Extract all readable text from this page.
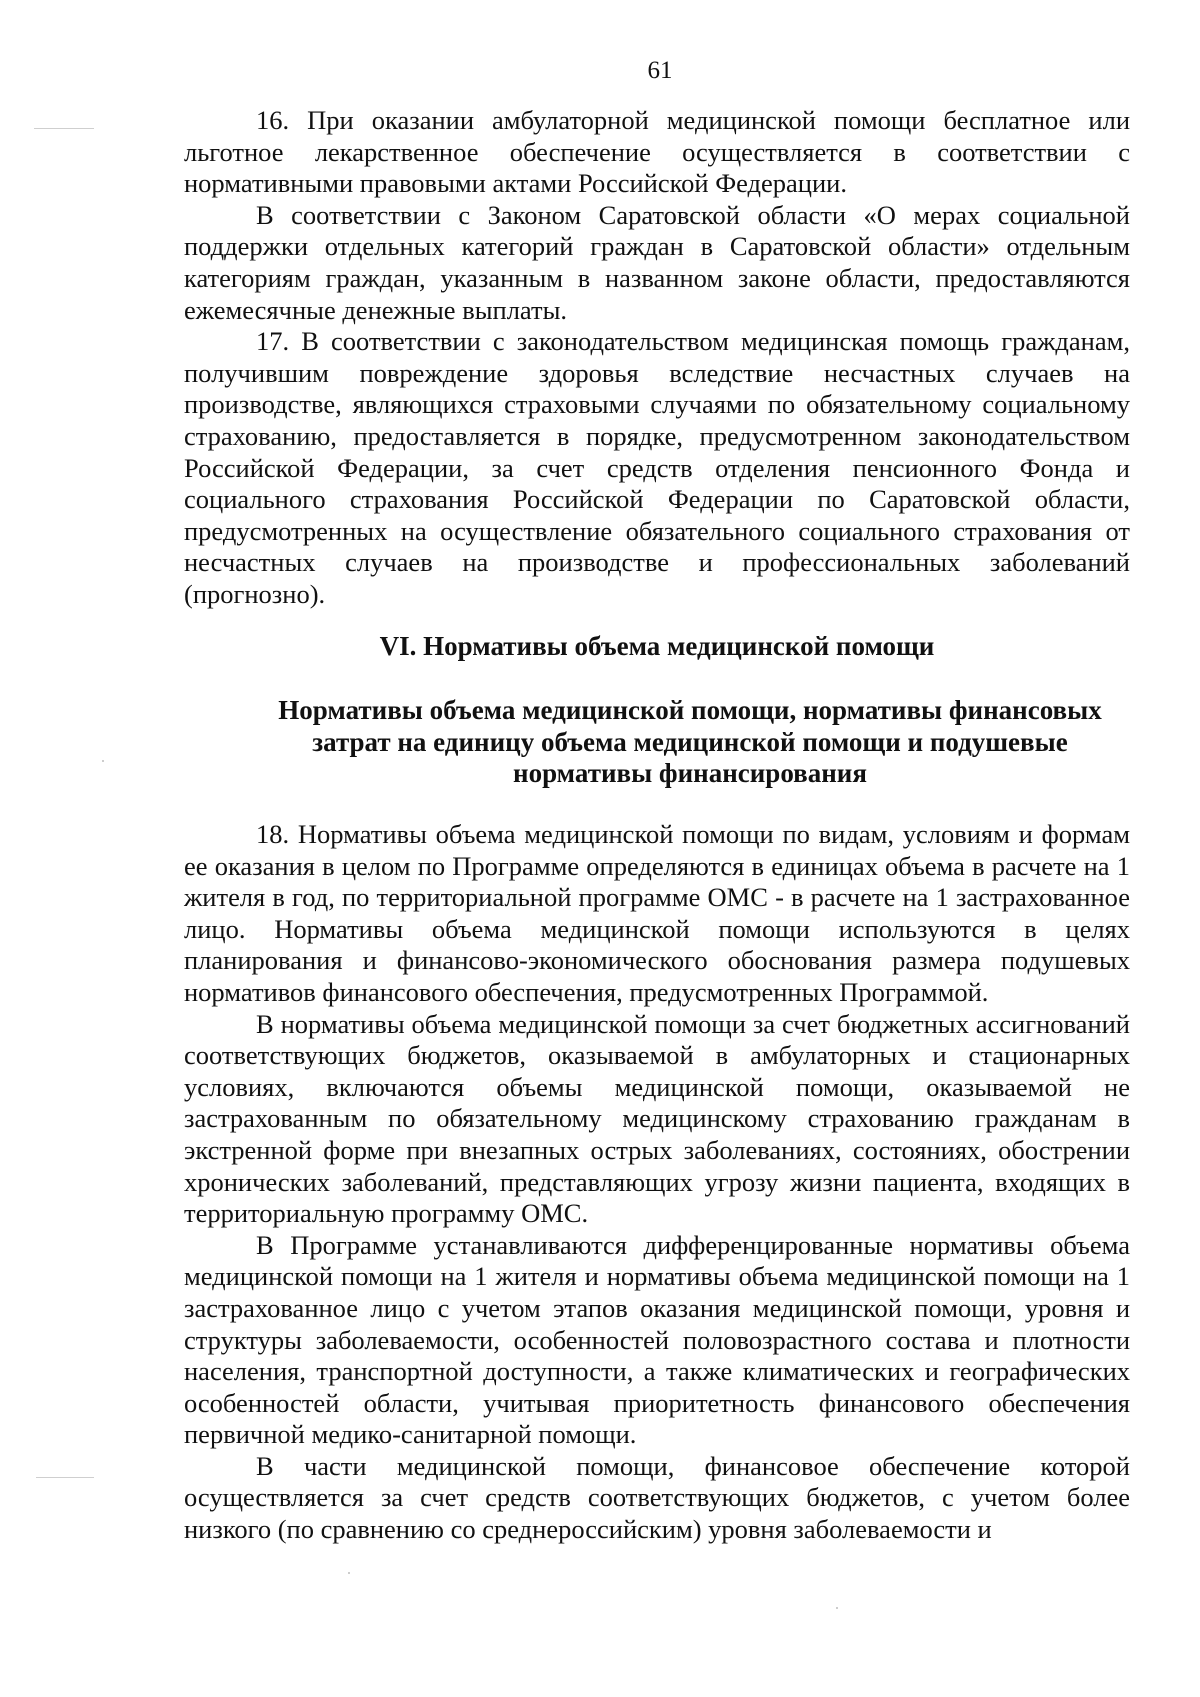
61

16. При оказании амбулаторной медицинской помощи бесплатное или льготное лекарственное обеспечение осуществляется в соответствии с нормативными правовыми актами Российской Федерации.

В соответствии с Законом Саратовской области «О мерах социальной поддержки отдельных категорий граждан в Саратовской области» отдельным категориям граждан, указанным в названном законе области, предоставляются ежемесячные денежные выплаты.

17. В соответствии с законодательством медицинская помощь гражданам, получившим повреждение здоровья вследствие несчастных случаев на производстве, являющихся страховыми случаями по обязательному социальному страхованию, предоставляется в порядке, предусмотренном законодательством Российской Федерации, за счет средств отделения пенсионного Фонда и социального страхования Российской Федерации по Саратовской области, предусмотренных на осуществление обязательного социального страхования от несчастных случаев на производстве и профессиональных заболеваний (прогнозно).

VI. Нормативы объема медицинской помощи
Нормативы объема медицинской помощи, нормативы финансовых затрат на единицу объема медицинской помощи и подушевые нормативы финансирования

18. Нормативы объема медицинской помощи по видам, условиям и формам ее оказания в целом по Программе определяются в единицах объема в расчете на 1 жителя в год, по территориальной программе ОМС - в расчете на 1 застрахованное лицо. Нормативы объема медицинской помощи используются в целях планирования и финансово-экономического обоснования размера подушевых нормативов финансового обеспечения, предусмотренных Программой.

В нормативы объема медицинской помощи за счет бюджетных ассигнований соответствующих бюджетов, оказываемой в амбулаторных и стационарных условиях, включаются объемы медицинской помощи, оказываемой не застрахованным по обязательному медицинскому страхованию гражданам в экстренной форме при внезапных острых заболеваниях, состояниях, обострении хронических заболеваний, представляющих угрозу жизни пациента, входящих в территориальную программу ОМС.

В Программе устанавливаются дифференцированные нормативы объема медицинской помощи на 1 жителя и нормативы объема медицинской помощи на 1 застрахованное лицо с учетом этапов оказания медицинской помощи, уровня и структуры заболеваемости, особенностей половозрастного состава и плотности населения, транспортной доступности, а также климатических и географических особенностей области, учитывая приоритетность финансового обеспечения первичной медико-санитарной помощи.

В части медицинской помощи, финансовое обеспечение которой осуществляется за счет средств соответствующих бюджетов, с учетом более низкого (по сравнению со среднероссийским) уровня заболеваемости и
